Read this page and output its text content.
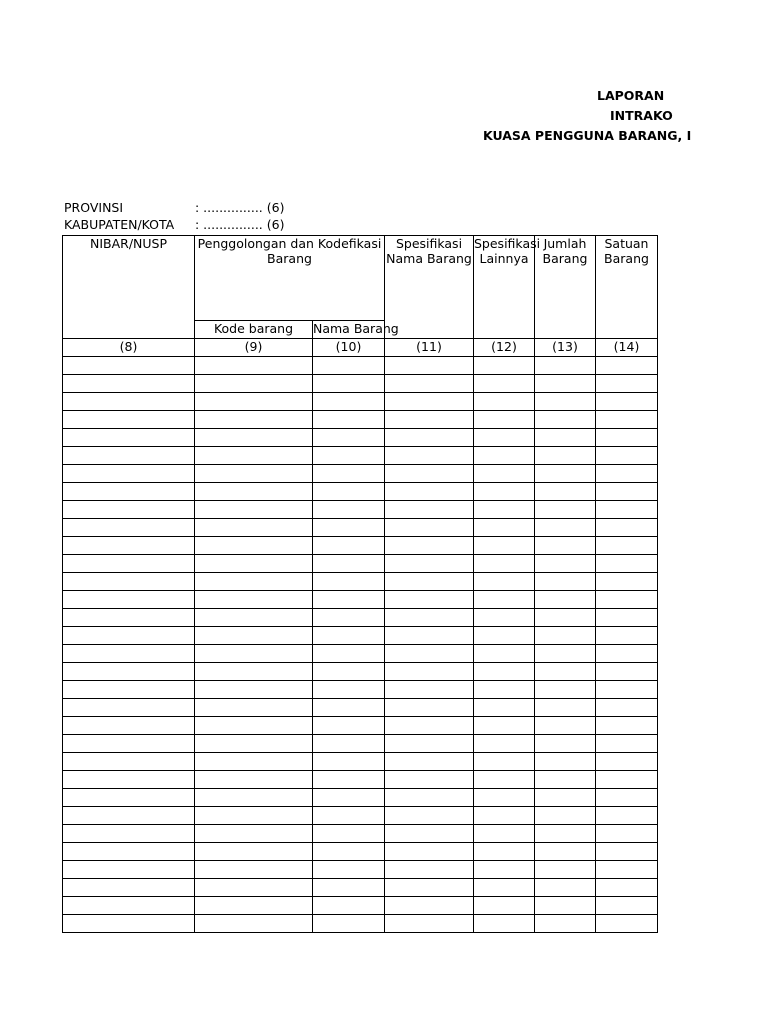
LAPORAN
INTRAKO
KUASA PENGGUNA BARANG, I
PROVINSI	: ............... (6)
KABUPATEN/KOTA : ............... (6)
NIBAR/NUSP	Penggolongan dan Kodefikasi Barang		Spesifikasi Nama Barang	Spesifikasi Lainnya	Jumlah Barang	Satuan Barang
	Kode barang	Nama Barang				
(8)	(9)	(10)	(11)	(12)	(13)	(14)
